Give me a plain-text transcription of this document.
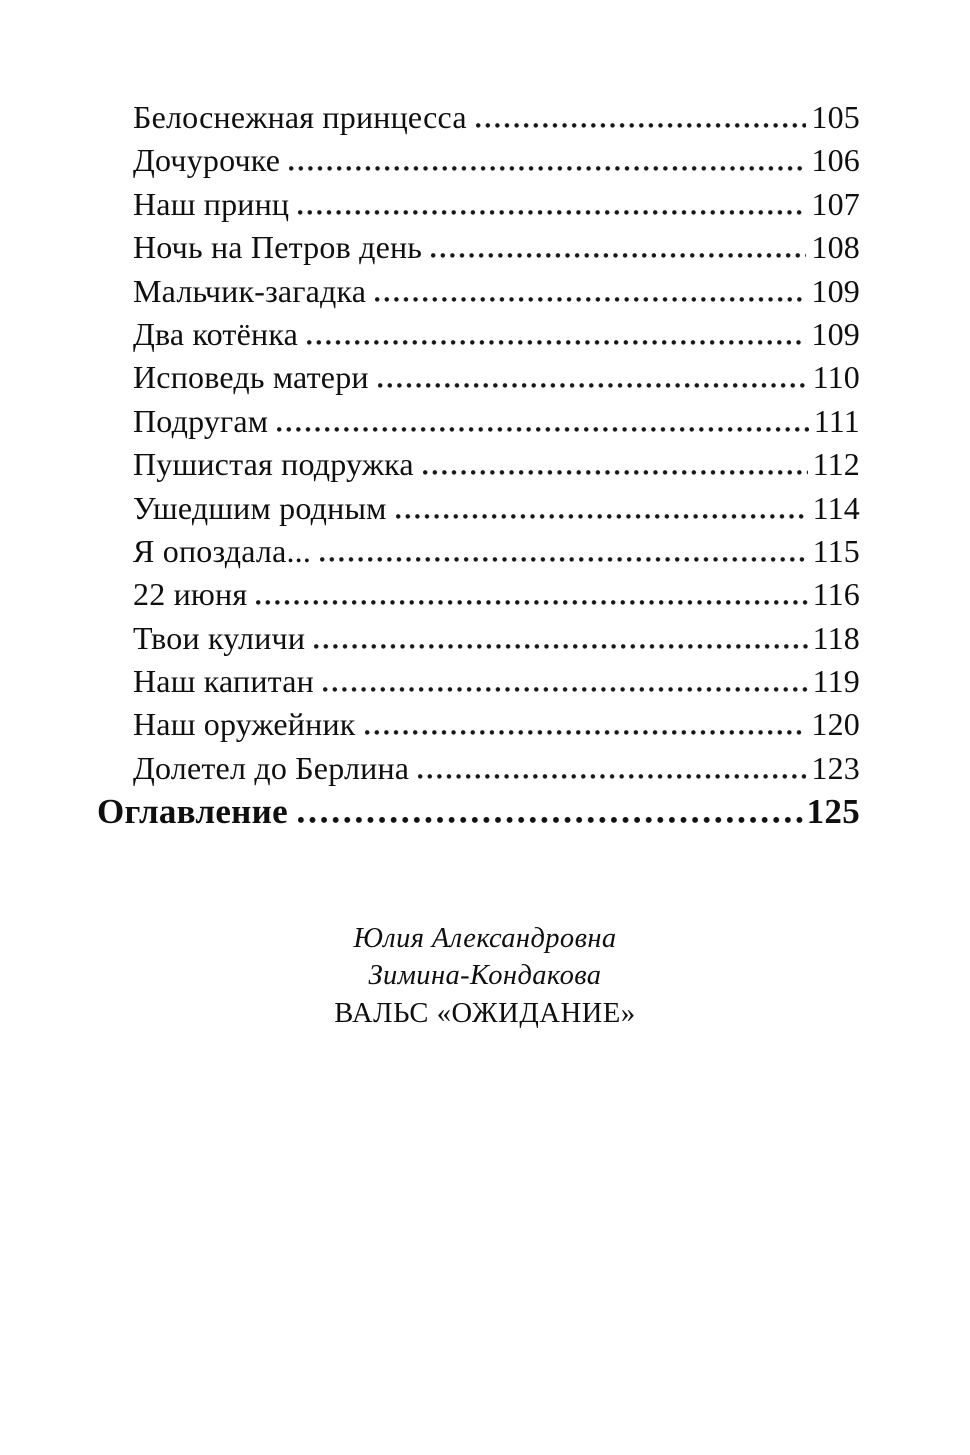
Белоснежная принцесса	105
Дочурочке	106
Наш принц	107
Ночь на Петров день	108
Мальчик-загадка	109
Два котёнка	109
Исповедь матери	110
Подругам	111
Пушистая подружка	112
Ушедшим родным	114
Я опоздала...	115
22 июня	116
Твои куличи	118
Наш капитан	119
Наш оружейник	120
Долетел до Берлина	123
Оглавление	125
Юлия Александровна
Зимина-Кондакова
ВАЛЬС «ОЖИДАНИЕ»
